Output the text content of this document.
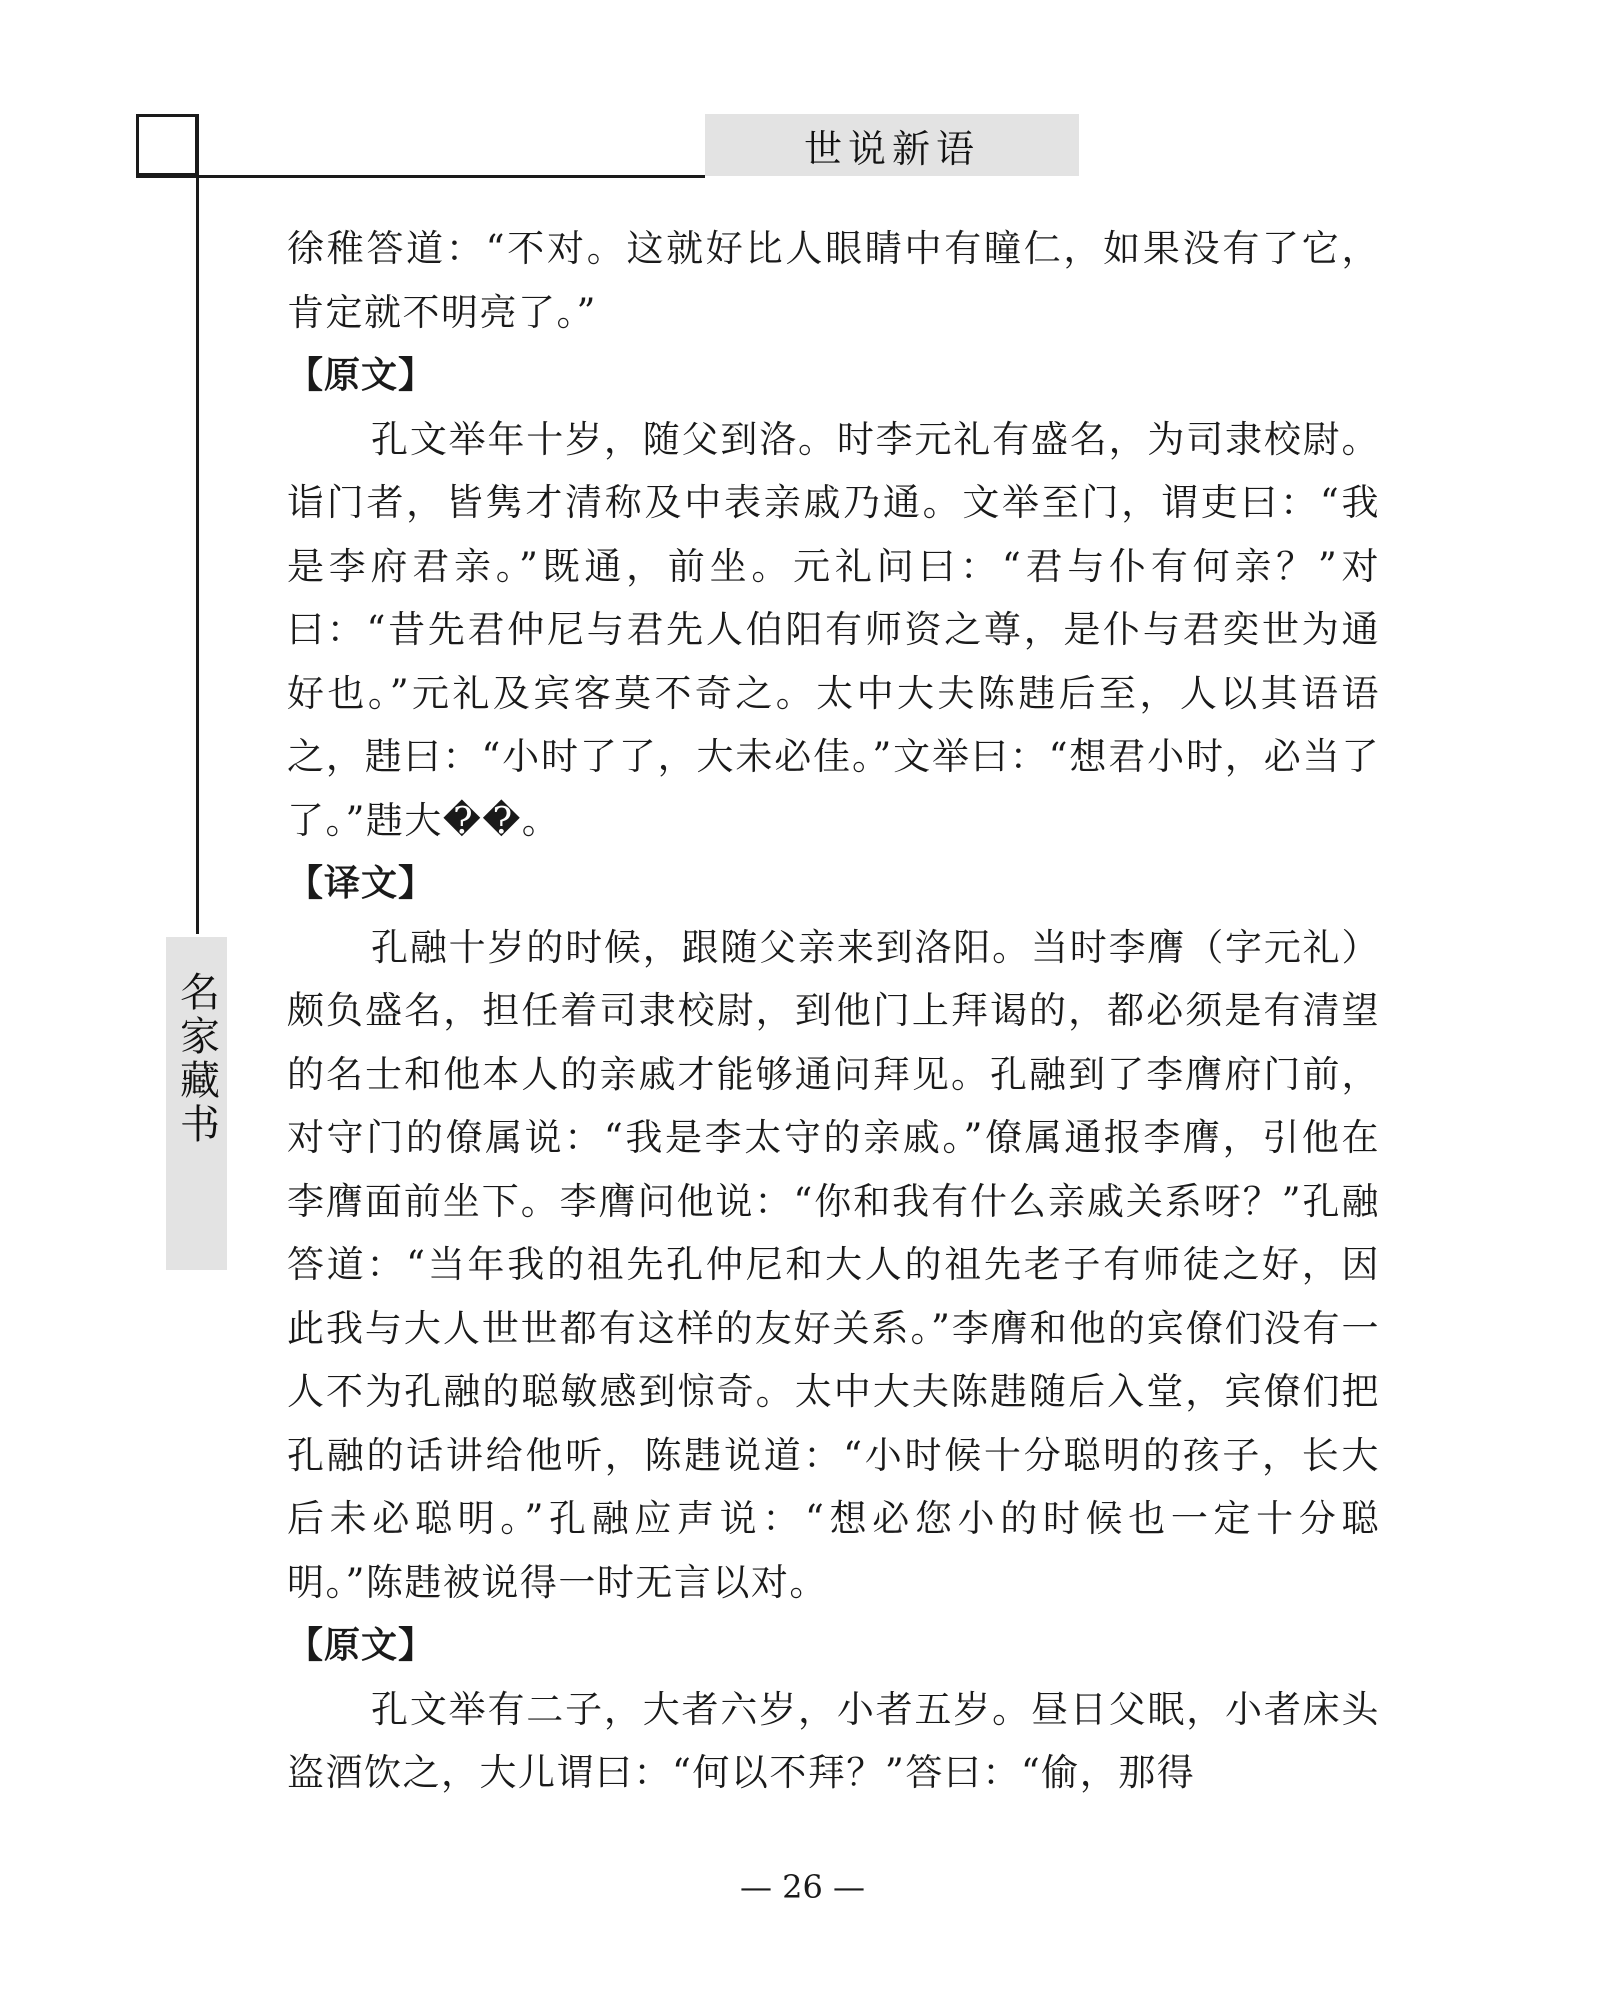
世说新语
名家藏书

徐稚答道：“不对。这就好比人眼睛中有瞳仁，如果没有了它，肯定就不明亮了。”

【原文】

孔文举年十岁，随父到洛。时李元礼有盛名，为司隶校尉。诣门者，皆隽才清称及中表亲戚乃通。文举至门，谓吏曰：“我是李府君亲。”既通，前坐。元礼问曰：“君与仆有何亲？”对曰：“昔先君仲尼与君先人伯阳有师资之尊，是仆与君奕世为通好也。”元礼及宾客莫不奇之。太中大夫陈韪后至，人以其语语之，韪曰：“小时了了，大未必佳。”文举曰：“想君小时，必当了了。”韪大��。

【译文】

孔融十岁的时候，跟随父亲来到洛阳。当时李膺（字元礼）颇负盛名，担任着司隶校尉，到他门上拜谒的，都必须是有清望的名士和他本人的亲戚才能够通问拜见。孔融到了李膺府门前，对守门的僚属说：“我是李太守的亲戚。”僚属通报李膺，引他在李膺面前坐下。李膺问他说：“你和我有什么亲戚关系呀？”孔融答道：“当年我的祖先孔仲尼和大人的祖先老子有师徒之好，因此我与大人世世都有这样的友好关系。”李膺和他的宾僚们没有一人不为孔融的聪敏感到惊奇。太中大夫陈韪随后入堂，宾僚们把孔融的话讲给他听，陈韪说道：“小时候十分聪明的孩子，长大后未必聪明。”孔融应声说：“想必您小的时候也一定十分聪明。”陈韪被说得一时无言以对。

【原文】

孔文举有二子，大者六岁，小者五岁。昼日父眠，小者床头盗酒饮之，大儿谓曰：“何以不拜？”答曰：“偷，那得

— 26 —
